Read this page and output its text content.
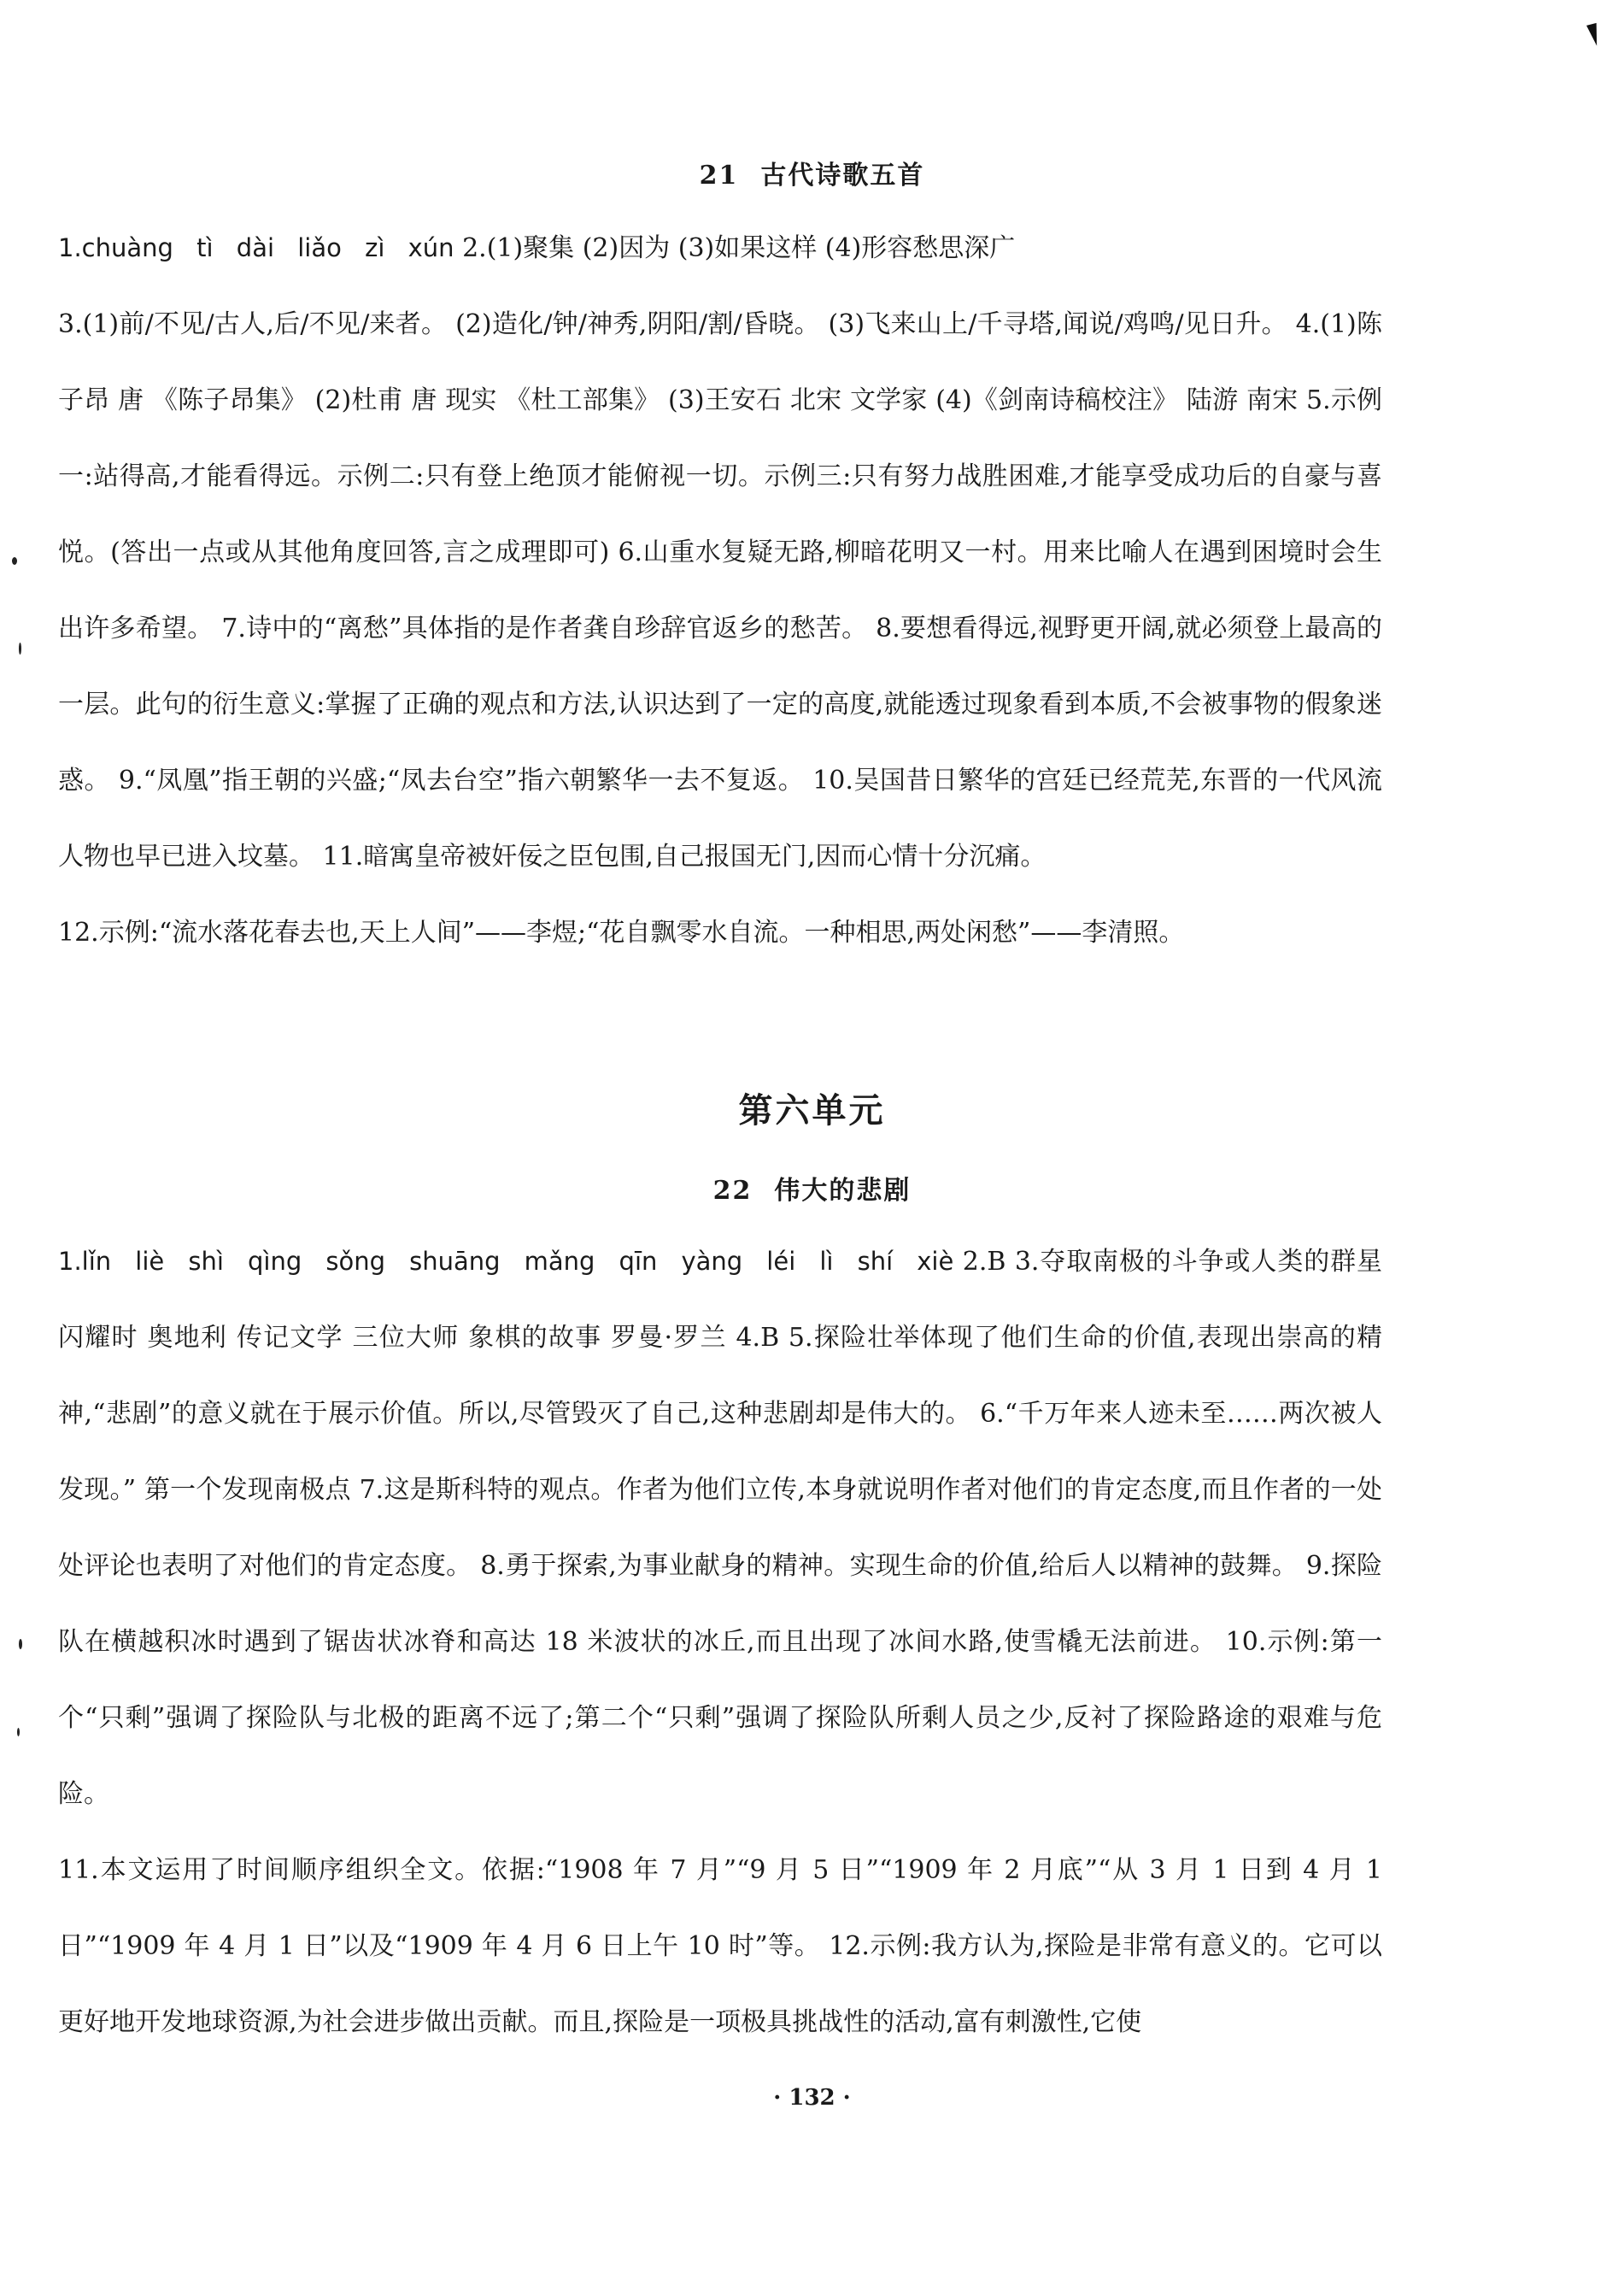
21 古代诗歌五首

1.chuàng tì dài liǎo zì xún 2.(1)聚集 (2)因为 (3)如果这样 (4)形容愁思深广

3.(1)前/不见/古人,后/不见/来者。 (2)造化/钟/神秀,阴阳/割/昏晓。 (3)飞来山上/千寻塔,闻说/鸡鸣/见日升。 4.(1)陈子昂 唐 《陈子昂集》 (2)杜甫 唐 现实 《杜工部集》 (3)王安石 北宋 文学家 (4)《剑南诗稿校注》 陆游 南宋 5.示例一:站得高,才能看得远。示例二:只有登上绝顶才能俯视一切。示例三:只有努力战胜困难,才能享受成功后的自豪与喜悦。(答出一点或从其他角度回答,言之成理即可) 6.山重水复疑无路,柳暗花明又一村。用来比喻人在遇到困境时会生出许多希望。 7.诗中的“离愁”具体指的是作者龚自珍辞官返乡的愁苦。 8.要想看得远,视野更开阔,就必须登上最高的一层。此句的衍生意义:掌握了正确的观点和方法,认识达到了一定的高度,就能透过现象看到本质,不会被事物的假象迷惑。 9.“凤凰”指王朝的兴盛;“凤去台空”指六朝繁华一去不复返。 10.吴国昔日繁华的宫廷已经荒芜,东晋的一代风流人物也早已进入坟墓。 11.暗寓皇帝被奸佞之臣包围,自己报国无门,因而心情十分沉痛。

12.示例:“流水落花春去也,天上人间”——李煜;“花自飘零水自流。一种相思,两处闲愁”——李清照。

第六单元
22 伟大的悲剧

1.lǐn liè shì qìng sǒng shuāng mǎng qīn yàng léi lì shí xiè 2.B 3.夺取南极的斗争或人类的群星闪耀时 奥地利 传记文学 三位大师 象棋的故事 罗曼·罗兰 4.B 5.探险壮举体现了他们生命的价值,表现出崇高的精神,“悲剧”的意义就在于展示价值。所以,尽管毁灭了自己,这种悲剧却是伟大的。 6.“千万年来人迹未至……两次被人发现。” 第一个发现南极点 7.这是斯科特的观点。作者为他们立传,本身就说明作者对他们的肯定态度,而且作者的一处处评论也表明了对他们的肯定态度。 8.勇于探索,为事业献身的精神。实现生命的价值,给后人以精神的鼓舞。 9.探险队在横越积冰时遇到了锯齿状冰脊和高达 18 米波状的冰丘,而且出现了冰间水路,使雪橇无法前进。 10.示例:第一个“只剩”强调了探险队与北极的距离不远了;第二个“只剩”强调了探险队所剩人员之少,反衬了探险路途的艰难与危险。

11.本文运用了时间顺序组织全文。依据:“1908 年 7 月”“9 月 5 日”“1909 年 2 月底”“从 3 月 1 日到 4 月 1 日”“1909 年 4 月 1 日”以及“1909 年 4 月 6 日上午 10 时”等。 12.示例:我方认为,探险是非常有意义的。它可以更好地开发地球资源,为社会进步做出贡献。而且,探险是一项极具挑战性的活动,富有刺激性,它使

· 132 ·
